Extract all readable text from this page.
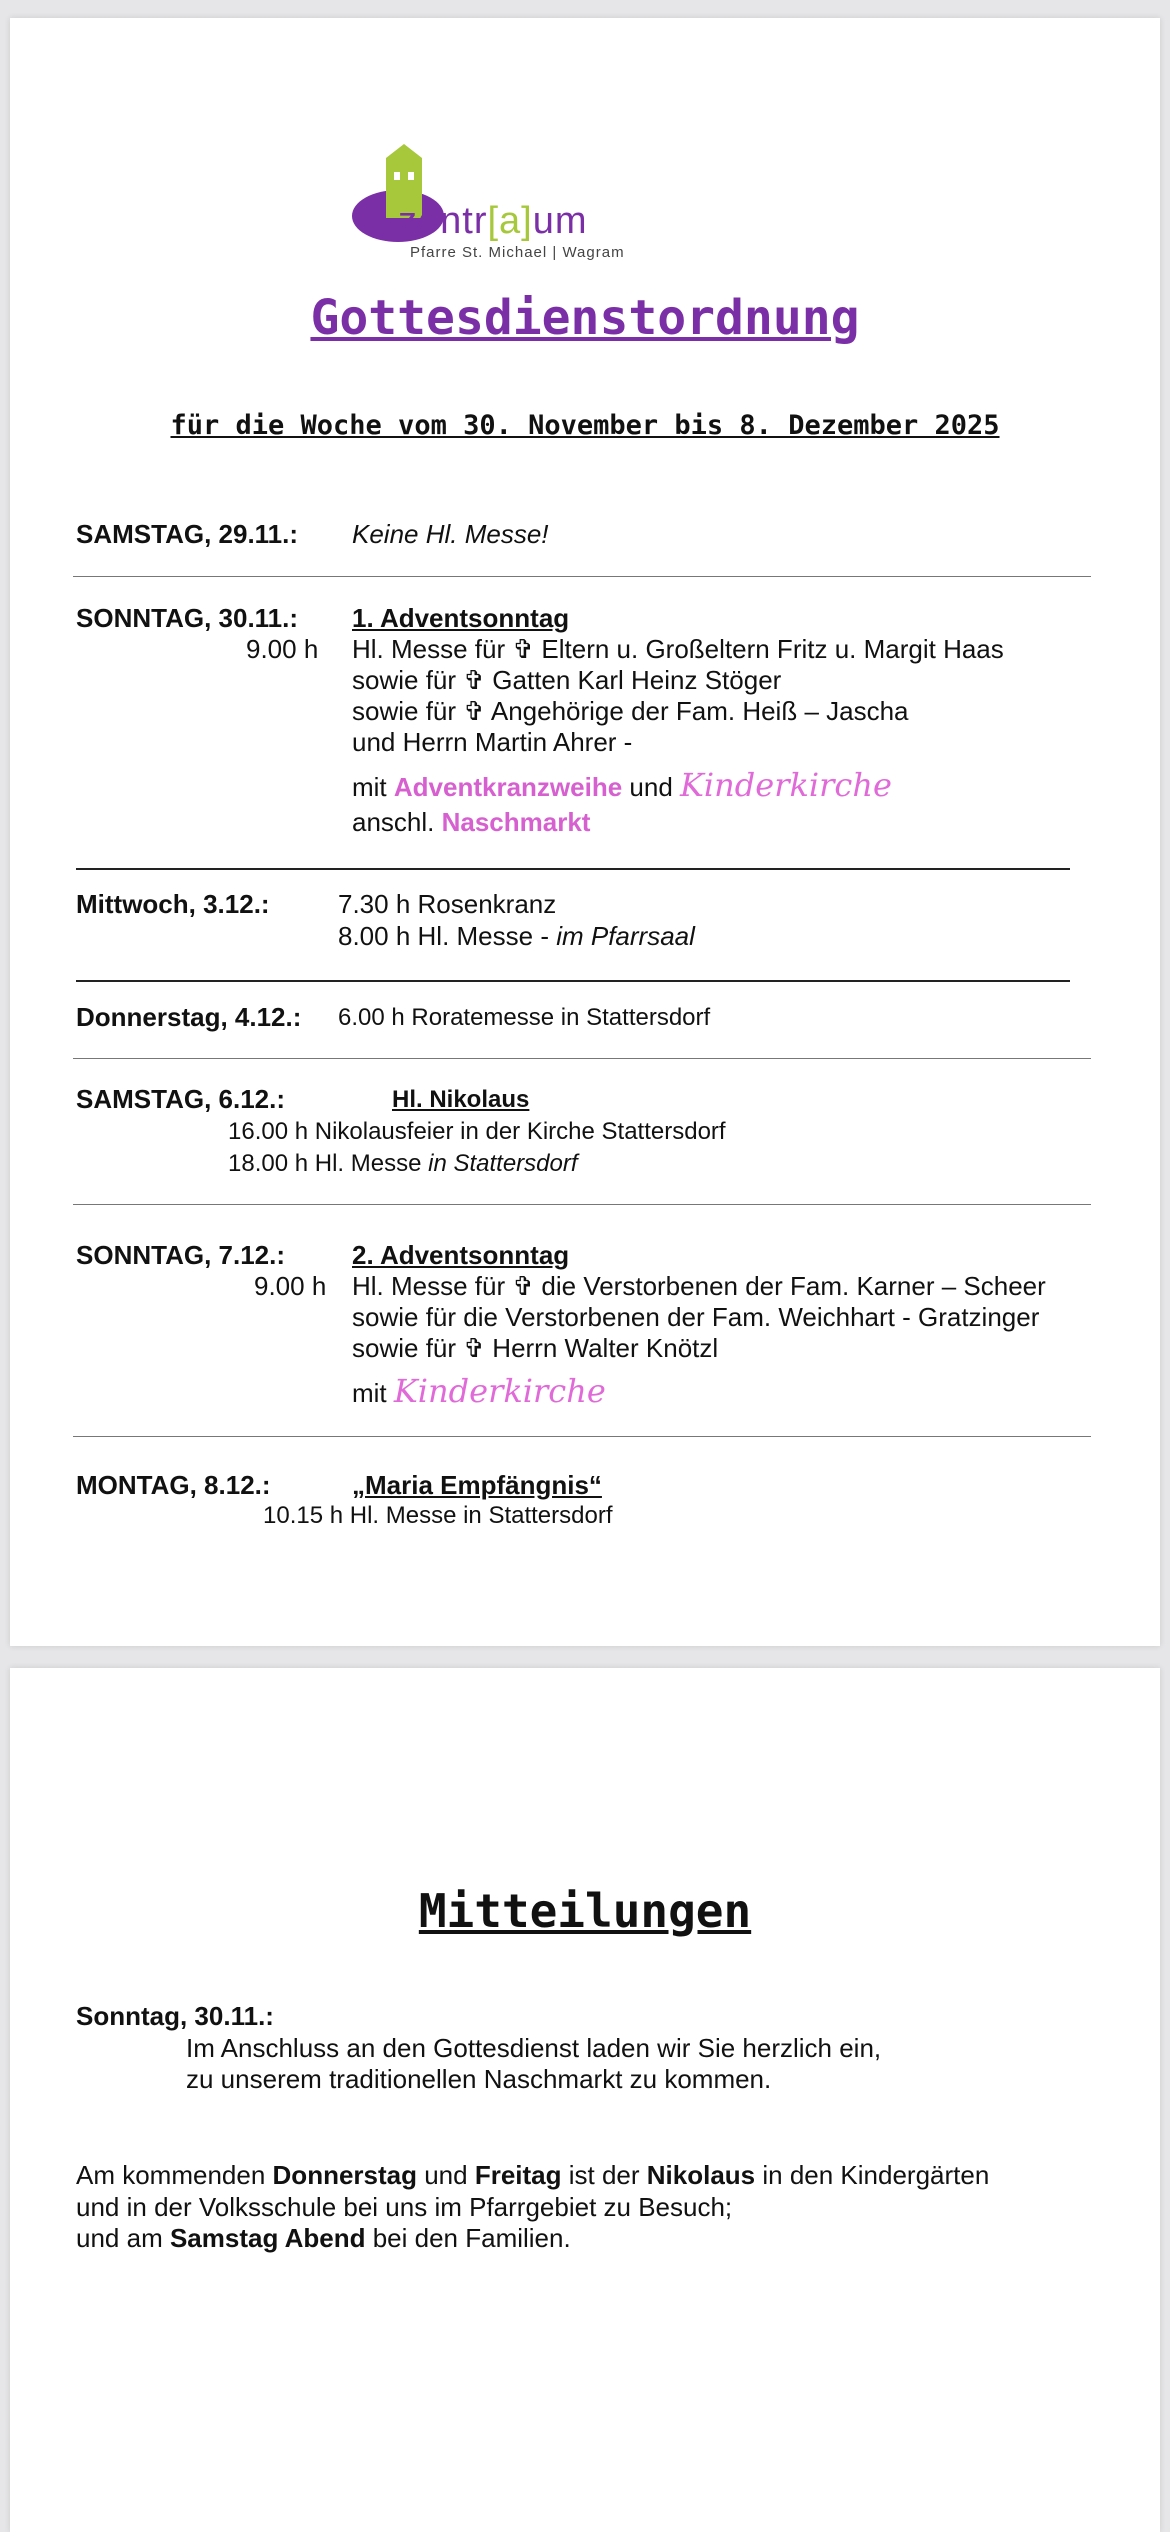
zentr[a]um
Pfarre St. Michael | Wagram
Gottesdienstordnung
für die Woche vom 30. November bis 8. Dezember 2025
SAMSTAG, 29.11.: Keine Hl. Messe!
SONNTAG, 30.11.: 1. Adventsonntag
9.00 h Hl. Messe für ✞ Eltern u. Großeltern Fritz u. Margit Haas
sowie für ✞ Gatten Karl Heinz Stöger
sowie für ✞ Angehörige der Fam. Heiß – Jascha
und Herrn Martin Ahrer -
mit Adventkranzweihe und Kinderkirche
anschl. Naschmarkt
Mittwoch, 3.12.:	7.30 h Rosenkranz
8.00 h Hl. Messe - im Pfarrsaal
Donnerstag, 4.12.: 6.00 h Roratemesse in Stattersdorf
SAMSTAG, 6.12.:	Hl. Nikolaus
16.00 h Nikolausfeier in der Kirche Stattersdorf
18.00 h Hl. Messe in Stattersdorf
SONNTAG, 7.12.:	2. Adventsonntag
9.00 h Hl. Messe für ✞ die Verstorbenen der Fam. Karner – Scheer
sowie für die Verstorbenen der Fam. Weichhart - Gratzinger
sowie für ✞ Herrn Walter Knötzl
mit Kinderkirche
MONTAG, 8.12.:	„Maria Empfängnis“
10.15 h Hl. Messe in Stattersdorf
Mitteilungen
Sonntag, 30.11.:
Im Anschluss an den Gottesdienst laden wir Sie herzlich ein,
zu unserem traditionellen Naschmarkt zu kommen.
Am kommenden Donnerstag und Freitag ist der Nikolaus in den Kindergärten
und in der Volksschule bei uns im Pfarrgebiet zu Besuch;
und am Samstag Abend bei den Familien.
